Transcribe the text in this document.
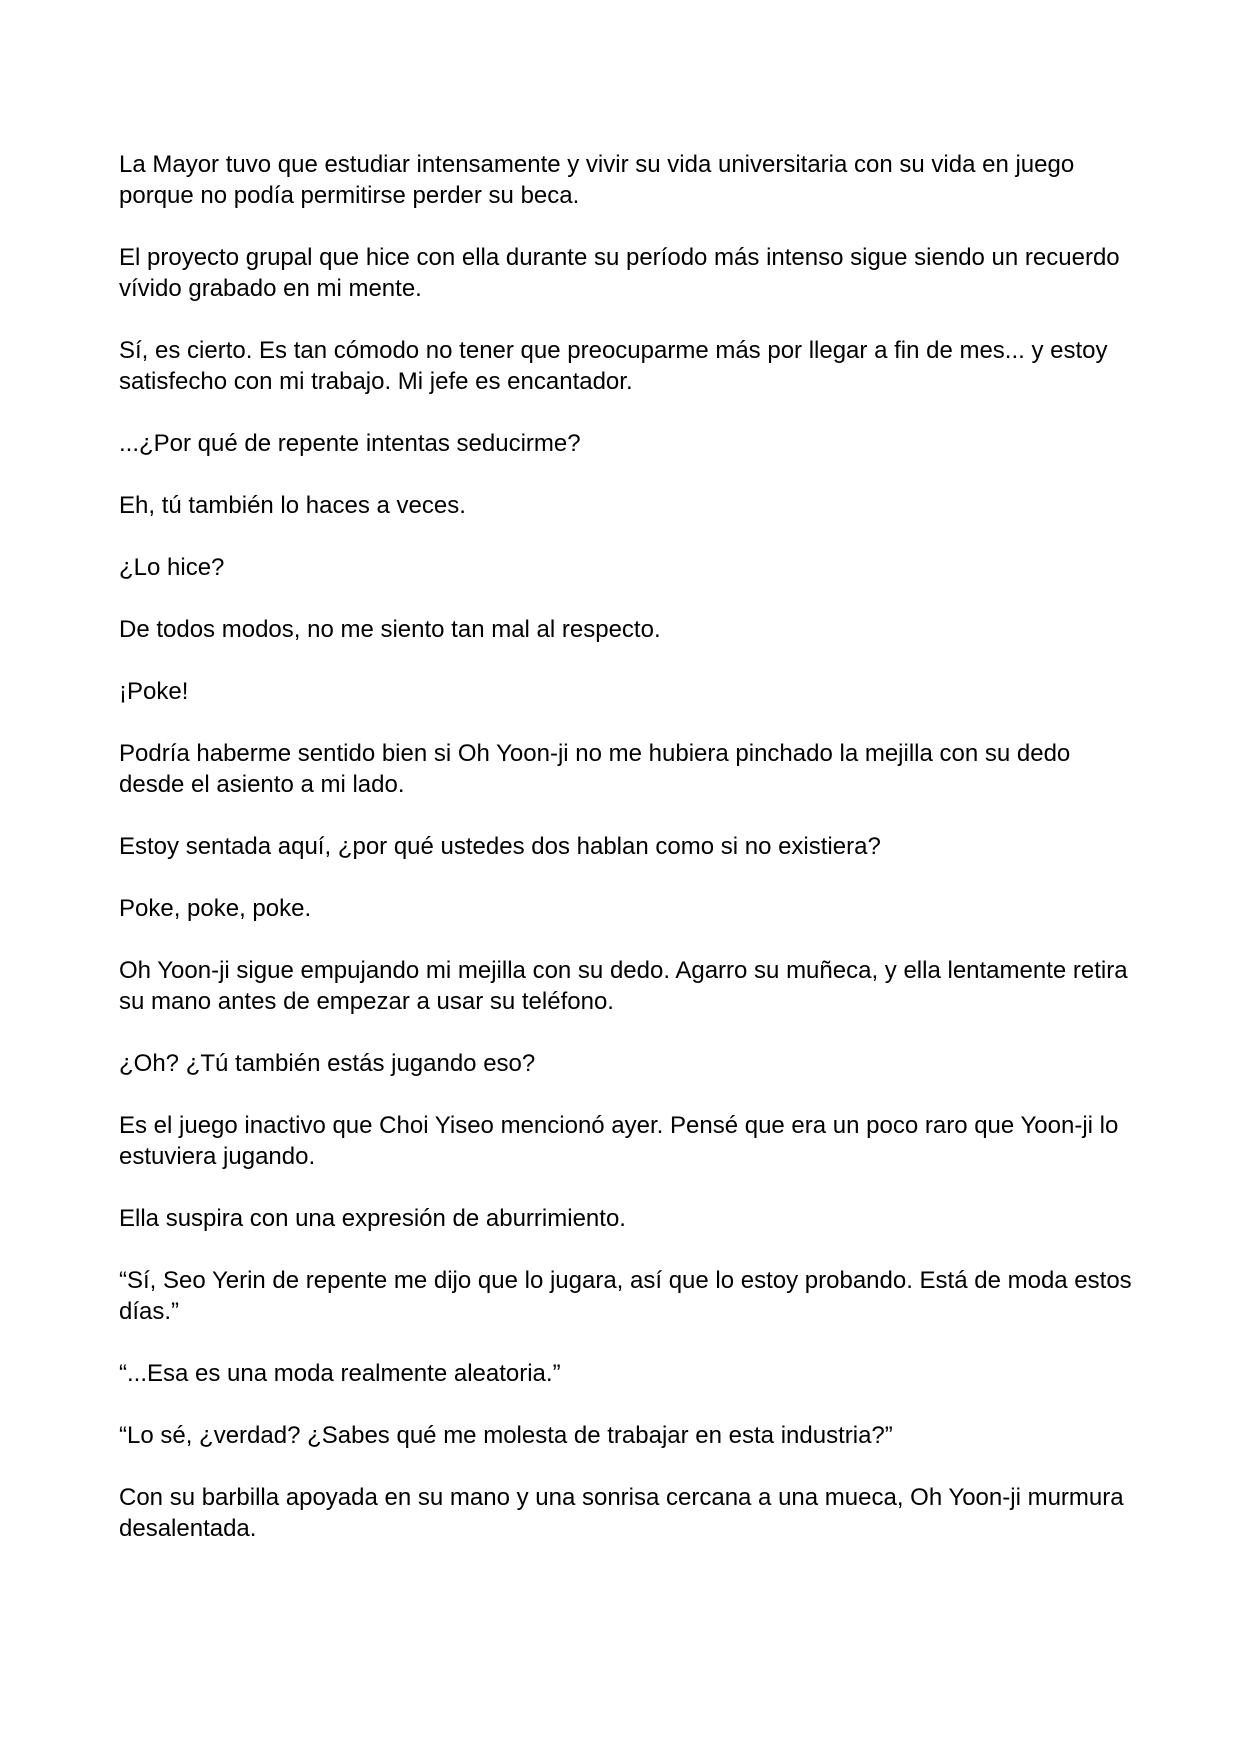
La Mayor tuvo que estudiar intensamente y vivir su vida universitaria con su vida en juego porque no podía permitirse perder su beca.

El proyecto grupal que hice con ella durante su período más intenso sigue siendo un recuerdo vívido grabado en mi mente.

Sí, es cierto. Es tan cómodo no tener que preocuparme más por llegar a fin de mes... y estoy satisfecho con mi trabajo. Mi jefe es encantador.

...¿Por qué de repente intentas seducirme?

Eh, tú también lo haces a veces.

¿Lo hice?

De todos modos, no me siento tan mal al respecto.

¡Poke!

Podría haberme sentido bien si Oh Yoon-ji no me hubiera pinchado la mejilla con su dedo desde el asiento a mi lado.

Estoy sentada aquí, ¿por qué ustedes dos hablan como si no existiera?

Poke, poke, poke.

Oh Yoon-ji sigue empujando mi mejilla con su dedo. Agarro su muñeca, y ella lentamente retira su mano antes de empezar a usar su teléfono.

¿Oh? ¿Tú también estás jugando eso?

Es el juego inactivo que Choi Yiseo mencionó ayer. Pensé que era un poco raro que Yoon-ji lo estuviera jugando.

Ella suspira con una expresión de aburrimiento.

“Sí, Seo Yerin de repente me dijo que lo jugara, así que lo estoy probando. Está de moda estos días.”

“...Esa es una moda realmente aleatoria.”

“Lo sé, ¿verdad? ¿Sabes qué me molesta de trabajar en esta industria?”

Con su barbilla apoyada en su mano y una sonrisa cercana a una mueca, Oh Yoon-ji murmura desalentada.
